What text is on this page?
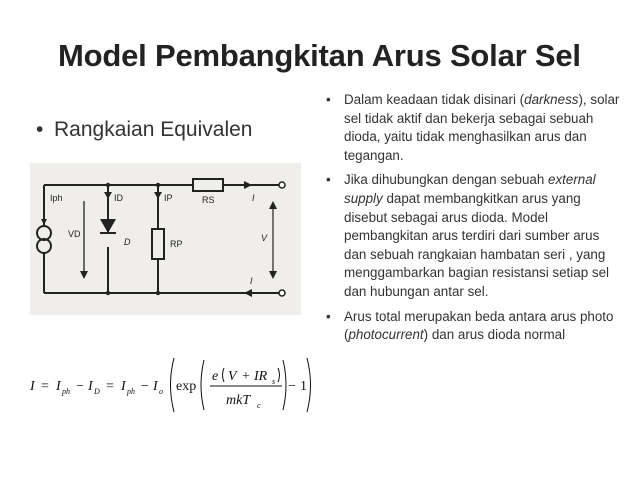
Model Pembangkitan Arus Solar Sel
• Rangkaian Equivalen
Iph
VD
ID
D
IP
RP
RS	I
V
I
I = I ph − I D = I ph − I o exp
e V + IR s
mkT c
− 1
• Dalam keadaan tidak disinari (darkness), solar sel tidak aktif dan bekerja sebagai sebuah dioda, yaitu tidak menghasilkan arus dan tegangan.
• Jika dihubungkan dengan sebuah external supply dapat membangkitkan arus yang disebut sebagai arus dioda. Model pembangkitan arus terdiri dari sumber arus dan sebuah rangkaian hambatan seri , yang menggambarkan bagian resistansi setiap sel dan hubungan antar sel.
• Arus total merupakan beda antara arus photo (photocurrent) dan arus dioda normal
